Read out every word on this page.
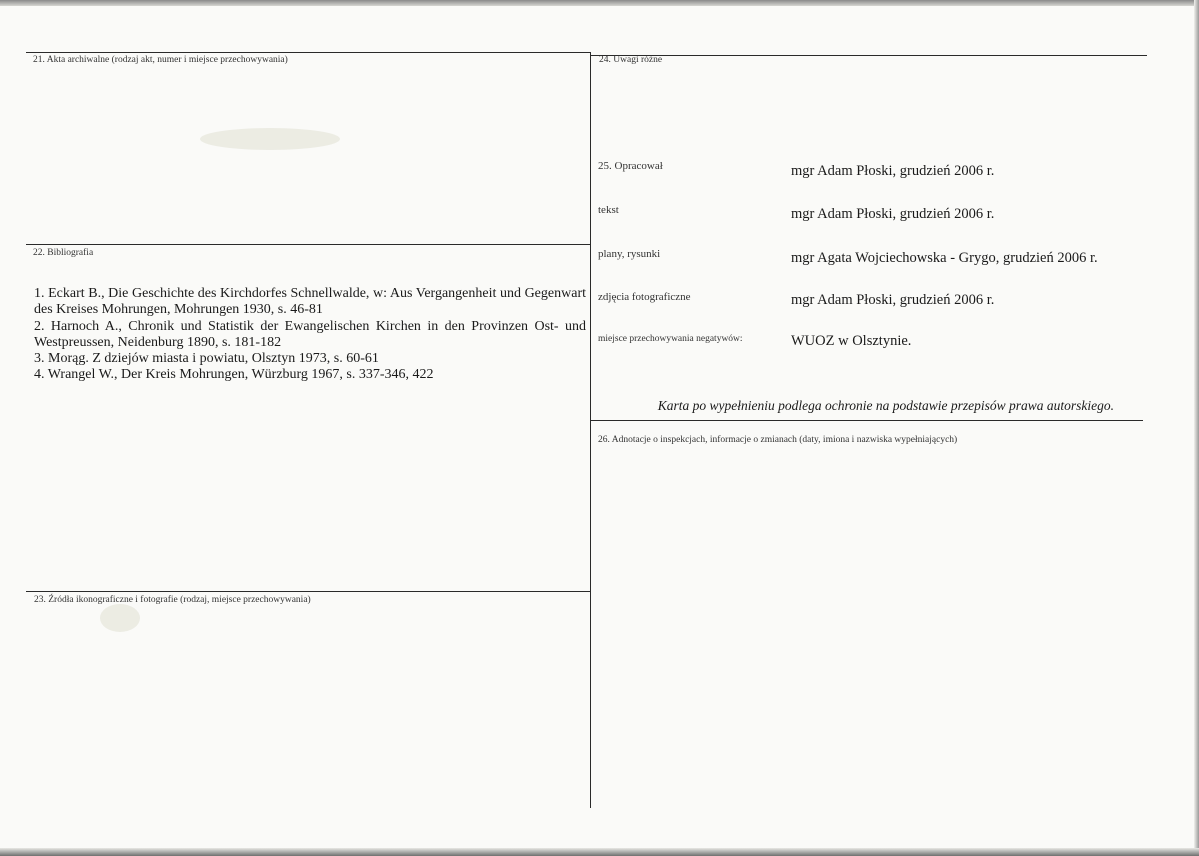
21. Akta archiwalne (rodzaj akt, numer i miejsce przechowywania)
22. Bibliografia
1. Eckart B., Die Geschichte des Kirchdorfes Schnellwalde, w: Aus Vergangenheit und Gegenwart des Kreises Mohrungen, Mohrungen 1930, s. 46-81
2. Harnoch A., Chronik und Statistik der Ewangelischen Kirchen in den Provinzen Ost- und Westpreussen, Neidenburg 1890, s. 181-182
3. Morąg. Z dziejów miasta i powiatu, Olsztyn 1973, s. 60-61
4. Wrangel W., Der Kreis Mohrungen, Würzburg 1967, s. 337-346, 422
23. Źródła ikonograficzne i fotografie (rodzaj, miejsce przechowywania)
24. Uwagi różne
25. Opracował	mgr Adam Płoski, grudzień 2006 r.
tekst	mgr Adam Płoski, grudzień 2006 r.
plany, rysunki	mgr Agata Wojciechowska - Grygo, grudzień 2006 r.
zdjęcia fotograficzne	mgr Adam Płoski, grudzień 2006 r.
miejsce przechowywania negatywów:	WUOZ w Olsztynie.
Karta po wypełnieniu podlega ochronie na podstawie przepisów prawa autorskiego.
26. Adnotacje o inspekcjach, informacje o zmianach (daty, imiona i nazwiska wypełniających)
